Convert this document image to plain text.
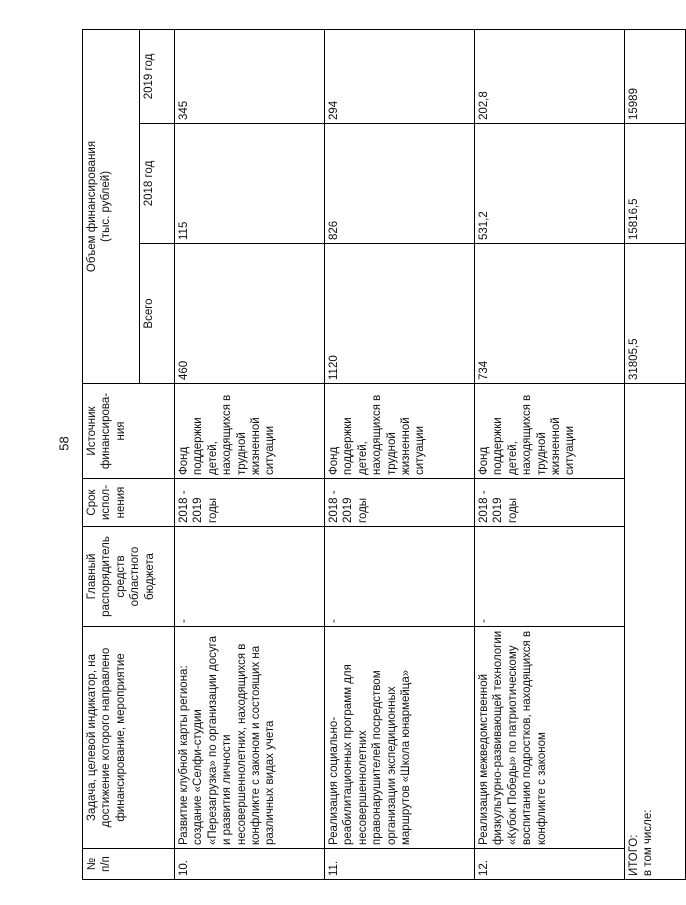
58
№ п/п	Задача, целевой индикатор, на достижение которого направлено финансирование, мероприятие	Главный распорядитель средств областного бюджета	Срок испол-нения	Источник финансирова-ния	Объем финансирования (тыс. рублей)		

					Всего	2018 год	2019 год
10.	Развитие клубной карты региона: создание «Селфи-студии «Перезагрузка» по организации досуга и развития личности несовершеннолетних, находящихся в конфликте с законом и состоящих на различных видах учета	-	2018 - 2019 годы	Фонд поддержки детей, находящихся в трудной жизненной ситуации	460	115	345
11.	Реализация социально-реабилитационных программ для несовершеннолетних правонарушителей посредством организации экспедиционных маршрутов «Школа юнармейца»	-	2018 - 2019 годы	Фонд поддержки детей, находящихся в трудной жизненной ситуации	1120	826	294
12.	Реализация межведомственной физкультурно-развивающей технологии «Кубок Победы» по патриотическому воспитанию подростков, находящихся в конфликте с законом	-	2018 - 2019 годы	Фонд поддержки детей, находящихся в трудной жизненной ситуации	734	531,2	202,8

ИТОГО: в том числе:					31805,5	15816,5	15989
